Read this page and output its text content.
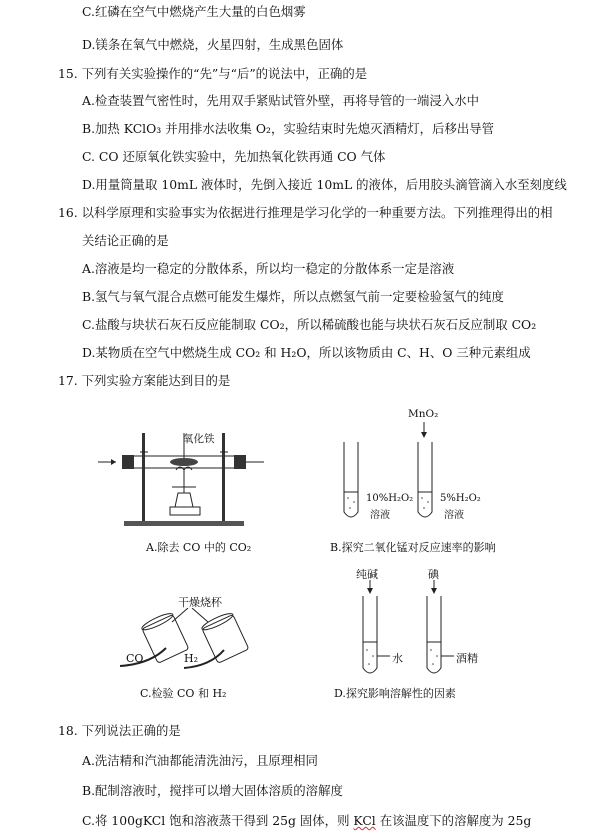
C.红磷在空气中燃烧产生大量的白色烟雾
D.镁条在氧气中燃烧，火星四射，生成黑色固体
15. 下列有关实验操作的“先”与“后”的说法中，正确的是
A.检查装置气密性时，先用双手紧贴试管外壁，再将导管的一端浸入水中
B.加热 KClO₃ 并用排水法收集 O₂，实验结束时先熄灭酒精灯，后移出导管
C. CO 还原氧化铁实验中，先加热氧化铁再通 CO 气体
D.用量筒量取 10mL 液体时，先倒入接近 10mL 的液体，后用胶头滴管滴入水至刻度线
16. 以科学原理和实验事实为依据进行推理是学习化学的一种重要方法。下列推理得出的相
关结论正确的是
A.溶液是均一稳定的分散体系，所以均一稳定的分散体系一定是溶液
B.氢气与氧气混合点燃可能发生爆炸，所以点燃氢气前一定要检验氢气的纯度
C.盐酸与块状石灰石反应能制取 CO₂，所以稀硫酸也能与块状石灰石反应制取 CO₂
D.某物质在空气中燃烧生成 CO₂ 和 H₂O，所以该物质由 C、H、O 三种元素组成
17. 下列实验方案能达到目的是
氧化铁
A.除去 CO 中的 CO₂
MnO₂
10%H₂O₂
溶液
5%H₂O₂
溶液
B.探究二氧化锰对反应速率的影响
干燥烧杯
CO	H₂
C.检验 CO 和 H₂
纯碱	碘
水	酒精
D.探究影响溶解性的因素
18. 下列说法正确的是
A.洗洁精和汽油都能清洗油污，且原理相同
B.配制溶液时，搅拌可以增大固体溶质的溶解度
C.将 100gKCl 饱和溶液蒸干得到 25g 固体，则 KCl 在该温度下的溶解度为 25g
